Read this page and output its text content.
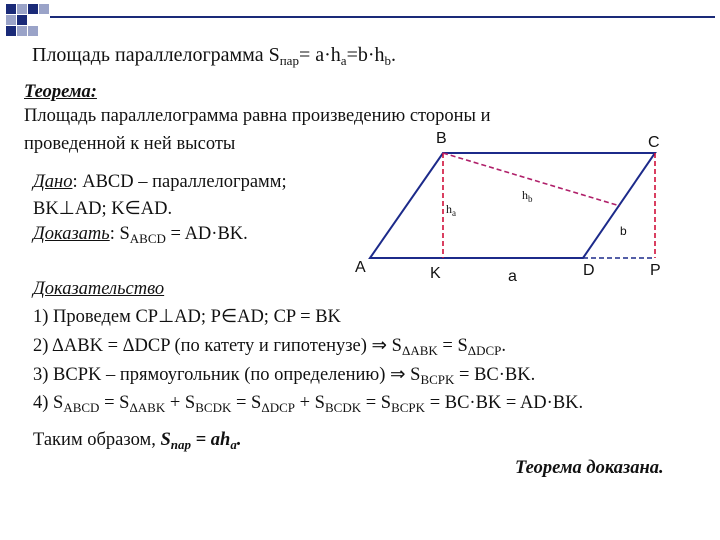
Площадь параллелограмма $S_{пар}= a\cdot h_a=b\cdot h_b$.
Теорема:
Площадь параллелограмма равна произведению стороны и
проведенной к ней высоты
Дано: ABCD – параллелограмм;
BK⊥AD; K∈AD.
Доказать: $S_{ABCD} = AD\cdot BK$.
B	C
A	K	a	D	P
b
$h_a$
$h_b$
Доказательство
1) Проведем CP⊥AD; P∈AD; CP = BK
2) ΔABK = ΔDCP (по катету и гипотенузе) ⇒ $S_{\Delta ABK} = S_{\Delta DCP}$.
3) BCPK – прямоугольник (по определению) ⇒ $S_{BCPK} = BC\cdot BK$.
4) $S_{ABCD} = S_{\Delta ABK} + S_{BCDK} = S_{\Delta DCP} + S_{BCDK} = S_{BCPK} = BC\cdot BK = AD\cdot BK$.
Таким образом, $S_{пар} = ah_a$.
Теорема доказана.
